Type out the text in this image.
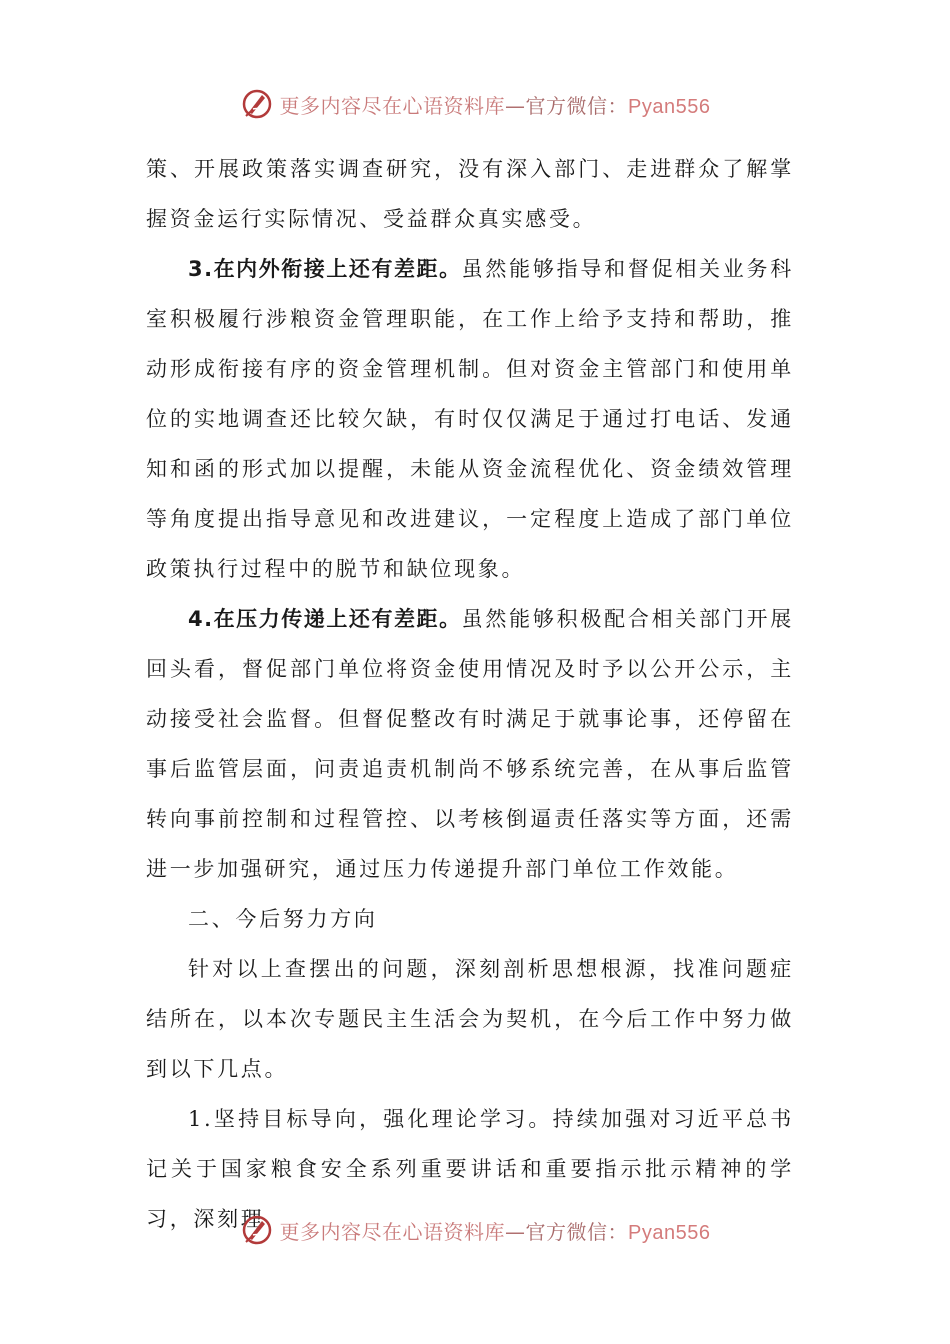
更多内容尽在心语资料库—官方微信：Pyan556

策、开展政策落实调查研究，没有深入部门、走进群众了解掌握资金运行实际情况、受益群众真实感受。

3.在内外衔接上还有差距。虽然能够指导和督促相关业务科室积极履行涉粮资金管理职能，在工作上给予支持和帮助，推动形成衔接有序的资金管理机制。但对资金主管部门和使用单位的实地调查还比较欠缺，有时仅仅满足于通过打电话、发通知和函的形式加以提醒，未能从资金流程优化、资金绩效管理等角度提出指导意见和改进建议，一定程度上造成了部门单位政策执行过程中的脱节和缺位现象。

4.在压力传递上还有差距。虽然能够积极配合相关部门开展回头看，督促部门单位将资金使用情况及时予以公开公示，主动接受社会监督。但督促整改有时满足于就事论事，还停留在事后监管层面，问责追责机制尚不够系统完善，在从事后监管转向事前控制和过程管控、以考核倒逼责任落实等方面，还需进一步加强研究，通过压力传递提升部门单位工作效能。

二、今后努力方向

针对以上查摆出的问题，深刻剖析思想根源，找准问题症结所在，以本次专题民主生活会为契机，在今后工作中努力做到以下几点。

1.坚持目标导向，强化理论学习。持续加强对习近平总书记关于国家粮食安全系列重要讲话和重要指示批示精神的学习，深刻理

更多内容尽在心语资料库—官方微信：Pyan556
